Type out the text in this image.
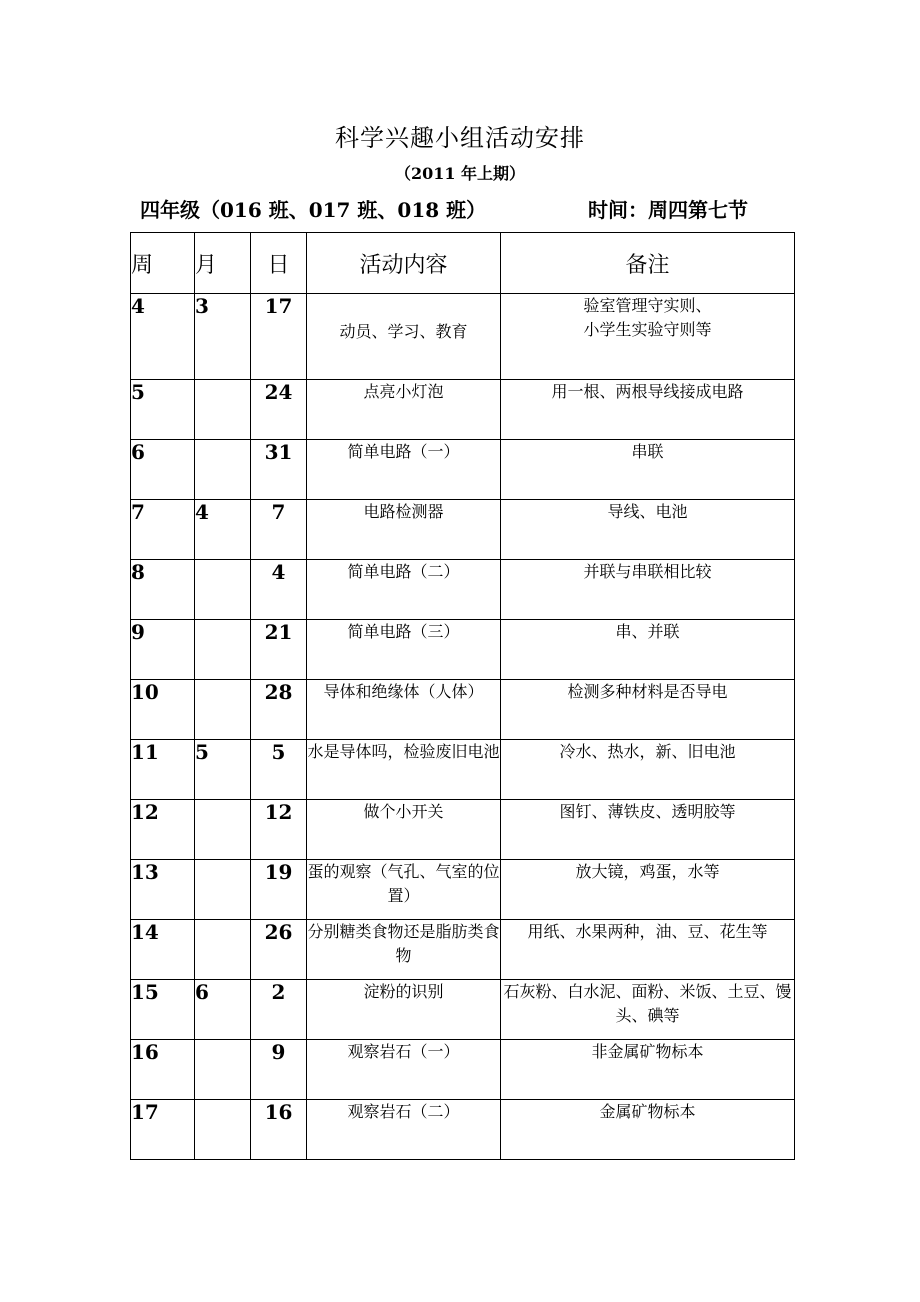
科学兴趣小组活动安排
（2011 年上期）
四年级（016 班、017 班、018 班）	时间：周四第七节
周	月	日	活动内容	备注
4	3	17	动员、学习、教育	验室管理守实则、
小学生实验守则等
5		24	点亮小灯泡	用一根、两根导线接成电路
6		31	简单电路（一）	串联
7	4	7	电路检测器	导线、电池
8		4	简单电路（二）	并联与串联相比较
9		21	简单电路（三）	串、并联
10		28	导体和绝缘体（人体）	检测多种材料是否导电
11	5	5	水是导体吗，检验废旧电池	冷水、热水，新、旧电池
12		12	做个小开关	图钉、薄铁皮、透明胶等
13		19	蛋的观察（气孔、气室的位置）	放大镜，鸡蛋，水等
14		26	分别糖类食物还是脂肪类食物	用纸、水果两种，油、豆、花生等
15	6	2	淀粉的识别	石灰粉、白水泥、面粉、米饭、土豆、馒头、碘等
16		9	观察岩石（一）	非金属矿物标本
17		16	观察岩石（二）	金属矿物标本
